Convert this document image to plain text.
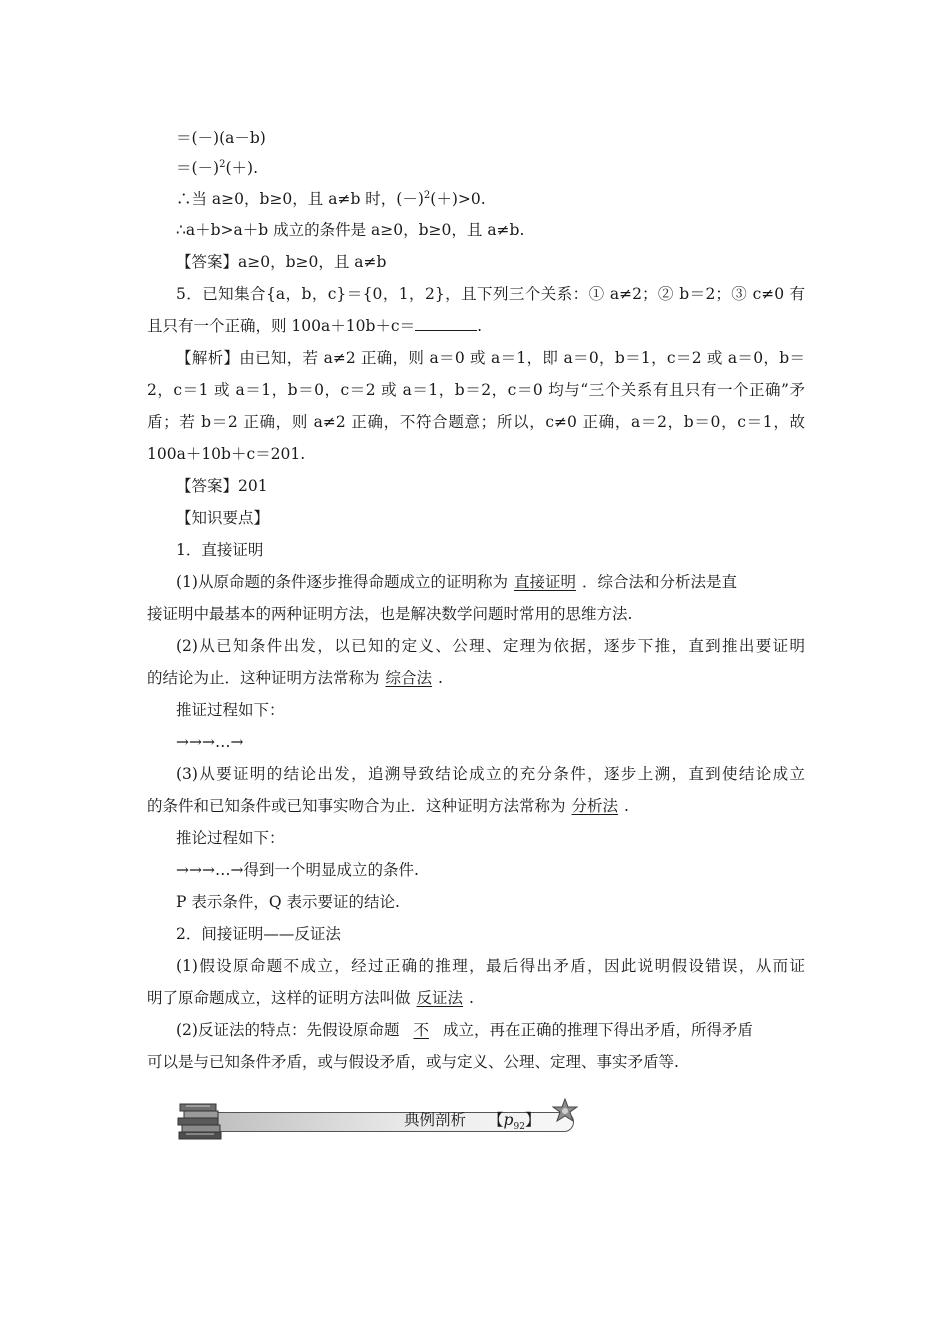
＝(－)(a－b)

$=(-)^2(+)$.

∴当 a≥0，b≥0，且 a≠b 时，$(-)^2(+)>0$.

∴a＋b>a＋b 成立的条件是 a≥0，b≥0，且 a≠b.

【答案】a≥0，b≥0，且 a≠b

5．已知集合{a，b，c}＝{0，1，2}，且下列三个关系：① a≠2；② b＝2；③ c≠0 有

且只有一个正确，则 100a＋10b＋c＝	.

【解析】由已知，若 a≠2 正确，则 a＝0 或 a＝1，即 a＝0，b＝1，c＝2 或 a＝0，b＝

2，c＝1 或 a＝1，b＝0，c＝2 或 a＝1，b＝2，c＝0 均与“三个关系有且只有一个正确”矛

盾；若 b＝2 正确，则 a≠2 正确，不符合题意；所以，c≠0 正确，a＝2，b＝0，c＝1，故

100a＋10b＋c＝201.

【答案】201

【知识要点】

1．直接证明

(1)从原命题的条件逐步推得命题成立的证明称为 直接证明 ．综合法和分析法是直

接证明中最基本的两种证明方法，也是解决数学问题时常用的思维方法.

(2)从已知条件出发，以已知的定义、公理、定理为依据，逐步下推，直到推出要证明

的结论为止．这种证明方法常称为 综合法 .

推证过程如下：

→→→…→

(3)从要证明的结论出发，追溯导致结论成立的充分条件，逐步上溯，直到使结论成立

的条件和已知条件或已知事实吻合为止．这种证明方法常称为 分析法 .

推论过程如下：

→→→…→得到一个明显成立的条件.

P 表示条件，Q 表示要证的结论.

2．间接证明——反证法

(1)假设原命题不成立，经过正确的推理，最后得出矛盾，因此说明假设错误，从而证

明了原命题成立，这样的证明方法叫做 反证法 .

(2)反证法的特点：先假设原命题 不 成立，再在正确的推理下得出矛盾，所得矛盾

可以是与已知条件矛盾，或与假设矛盾，或与定义、公理、定理、事实矛盾等.

典例剖析 【$p_{92}$】
